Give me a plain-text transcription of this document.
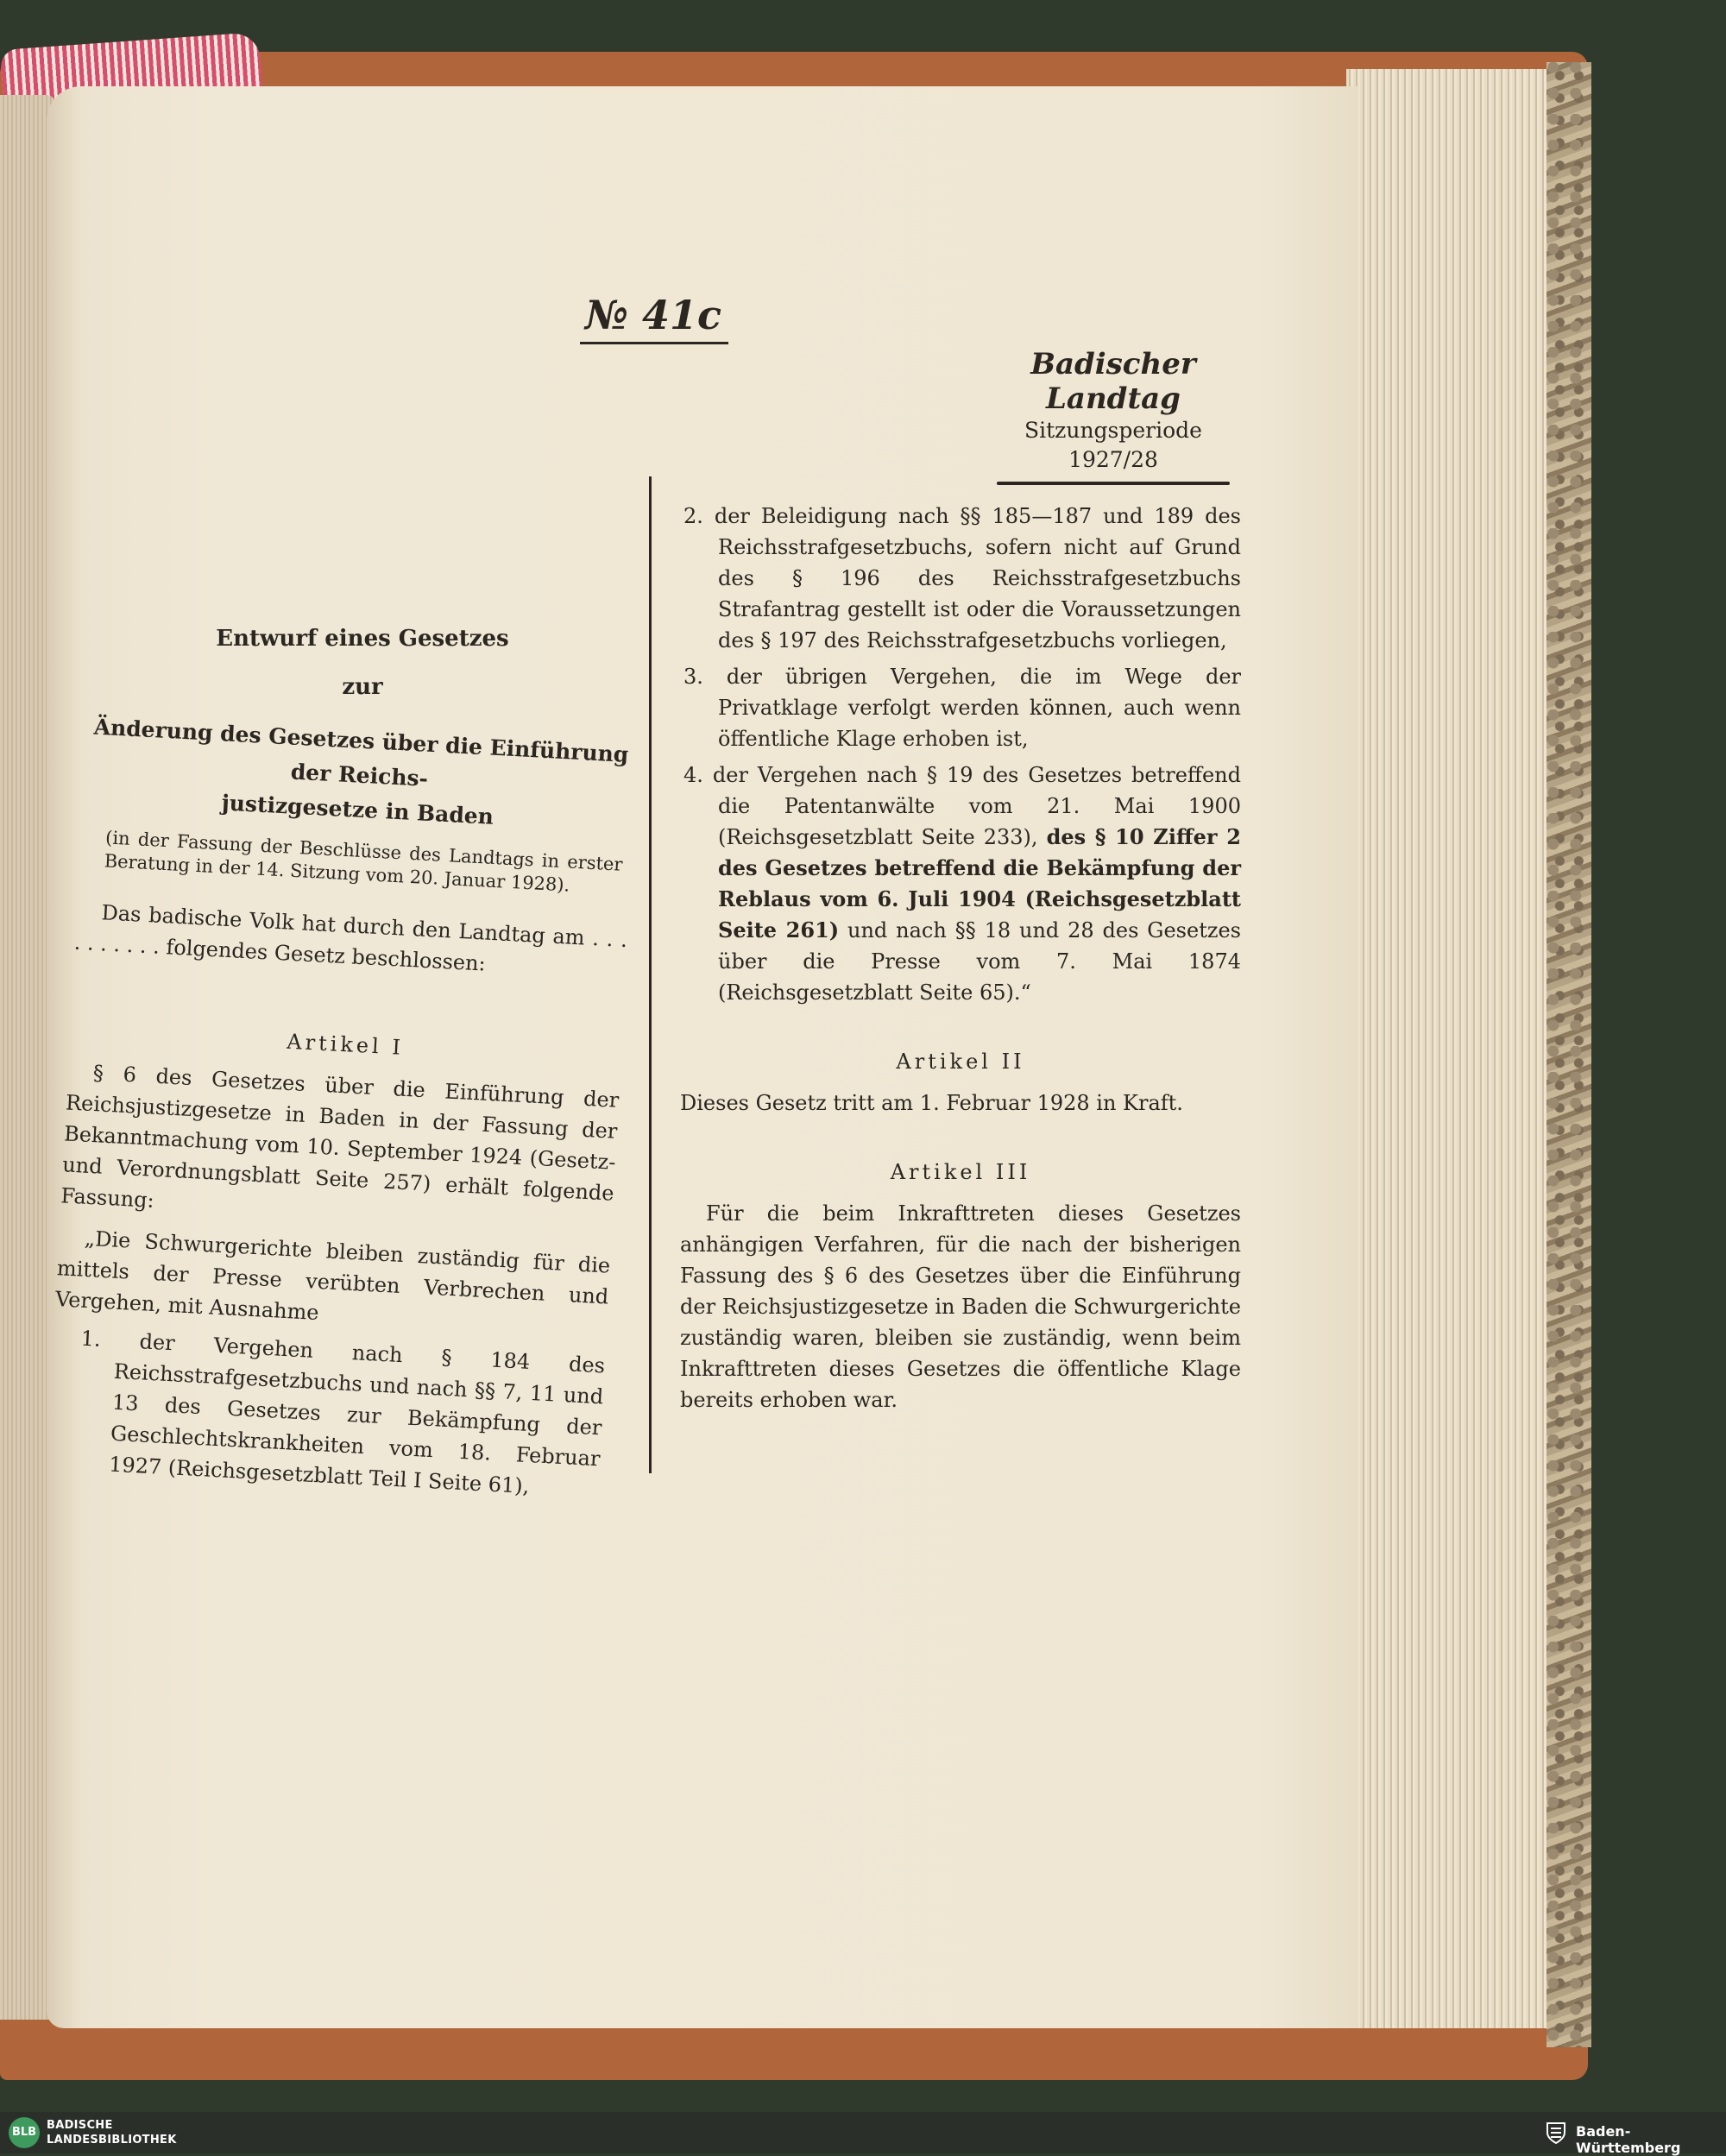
№ 41c
Badischer Landtag
Sitzungsperiode
1927/28
Entwurf eines Gesetzes
zur
Änderung des Gesetzes über die Einführung der Reichs-
justizgesetze in Baden
(in der Fassung der Beschlüsse des Landtags in erster Beratung in der 14. Sitzung vom 20. Januar 1928).
Das badische Volk hat durch den Landtag am . . . . . . . . . . folgendes Gesetz beschlossen:
Artikel I
§ 6 des Gesetzes über die Einführung der Reichsjustizgesetze in Baden in der Fassung der Bekanntmachung vom 10. September 1924 (Gesetz- und Verordnungsblatt Seite 257) erhält folgende Fassung:
„Die Schwurgerichte bleiben zuständig für die mittels der Presse verübten Verbrechen und Vergehen, mit Ausnahme
1. der Vergehen nach § 184 des Reichsstrafgesetzbuchs und nach §§ 7, 11 und 13 des Gesetzes zur Bekämpfung der Geschlechtskrankheiten vom 18. Februar 1927 (Reichsgesetzblatt Teil I Seite 61),
2. der Beleidigung nach §§ 185—187 und 189 des Reichsstrafgesetzbuchs, sofern nicht auf Grund des § 196 des Reichsstrafgesetzbuchs Strafantrag gestellt ist oder die Voraussetzungen des § 197 des Reichsstrafgesetzbuchs vorliegen,
3. der übrigen Vergehen, die im Wege der Privatklage verfolgt werden können, auch wenn öffentliche Klage erhoben ist,
4. der Vergehen nach § 19 des Gesetzes betreffend die Patentanwälte vom 21. Mai 1900 (Reichsgesetzblatt Seite 233), des § 10 Ziffer 2 des Gesetzes betreffend die Bekämpfung der Reblaus vom 6. Juli 1904 (Reichsgesetzblatt Seite 261) und nach §§ 18 und 28 des Gesetzes über die Presse vom 7. Mai 1874 (Reichsgesetzblatt Seite 65).“
Artikel II
Dieses Gesetz tritt am 1. Februar 1928 in Kraft.
Artikel III
Für die beim Inkrafttreten dieses Gesetzes anhängigen Verfahren, für die nach der bisherigen Fassung des § 6 des Gesetzes über die Einführung der Reichsjustizgesetze in Baden die Schwurgerichte zuständig waren, bleiben sie zuständig, wenn beim Inkrafttreten dieses Gesetzes die öffentliche Klage bereits erhoben war.
BLB
BADISCHE
LANDESBIBLIOTHEK
Baden-Württemberg
